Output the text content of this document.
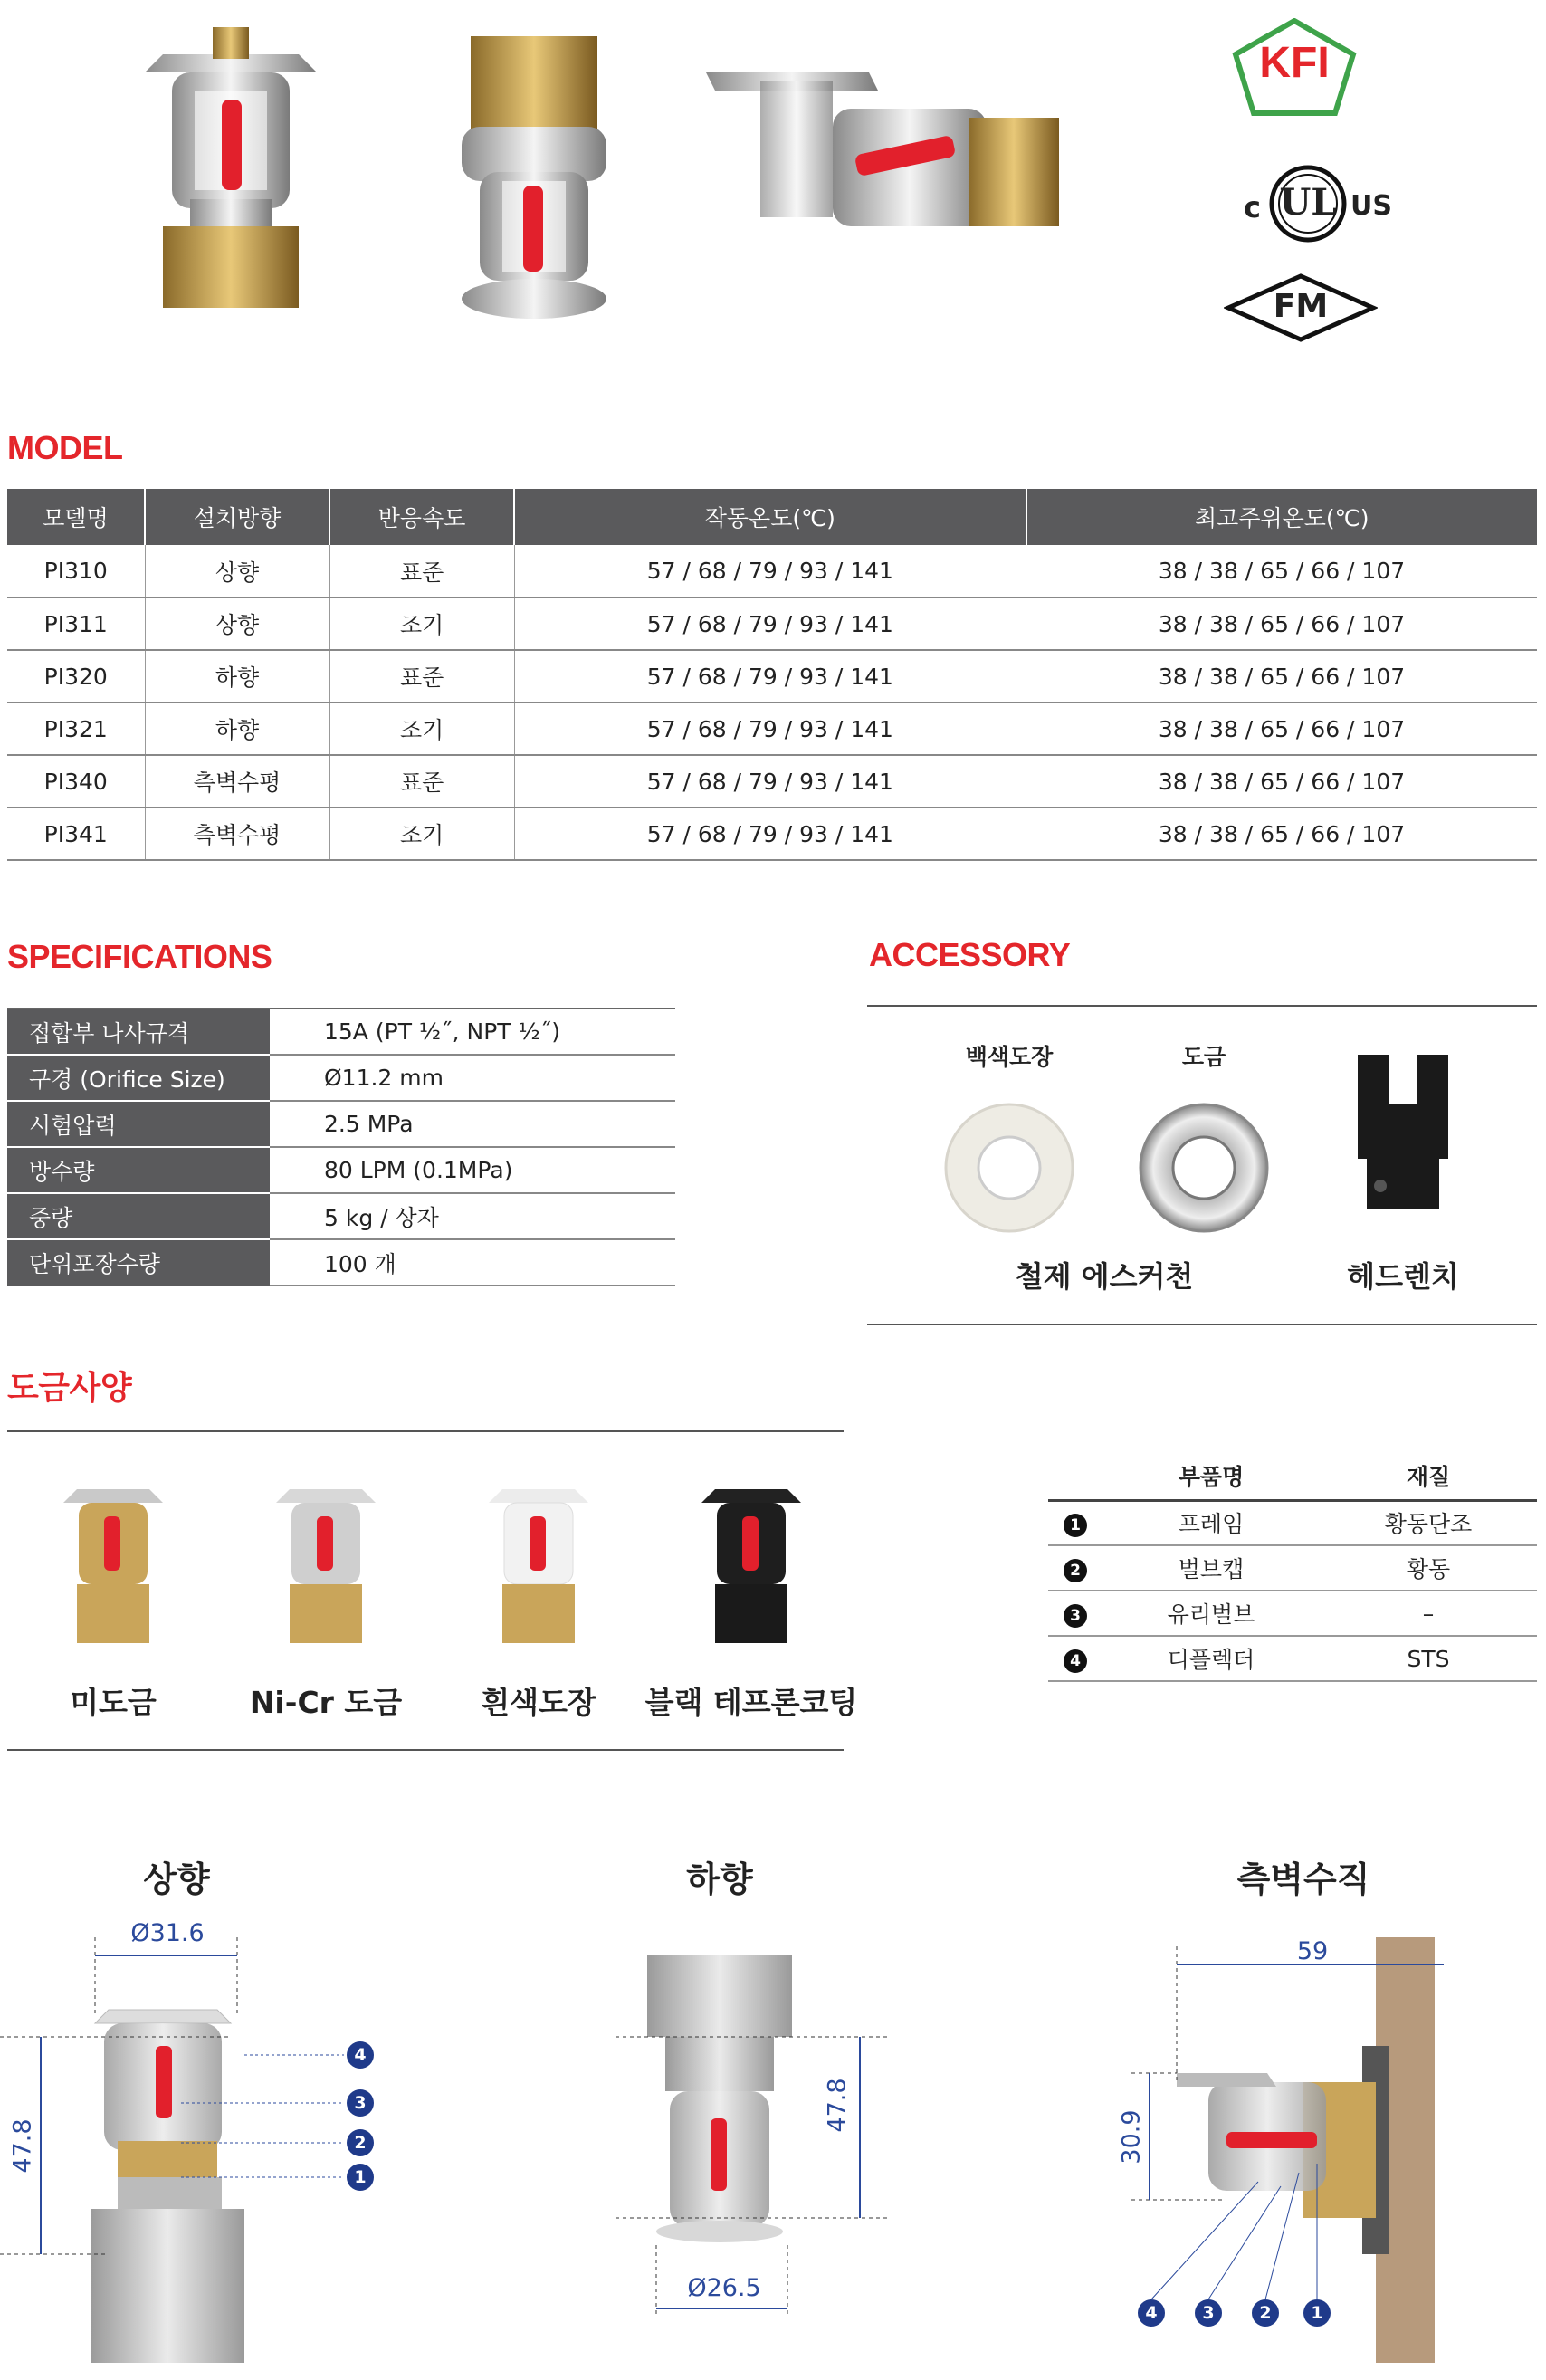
KFI
c UL US
FM
MODEL
모델명	설치방향	반응속도	작동온도(℃)	최고주위온도(℃)
PI310	상향	표준	57 / 68 / 79 / 93 / 141	38 / 38 / 65 / 66 / 107
PI311	상향	조기	57 / 68 / 79 / 93 / 141	38 / 38 / 65 / 66 / 107
PI320	하향	표준	57 / 68 / 79 / 93 / 141	38 / 38 / 65 / 66 / 107
PI321	하향	조기	57 / 68 / 79 / 93 / 141	38 / 38 / 65 / 66 / 107
PI340	측벽수평	표준	57 / 68 / 79 / 93 / 141	38 / 38 / 65 / 66 / 107
PI341	측벽수평	조기	57 / 68 / 79 / 93 / 141	38 / 38 / 65 / 66 / 107
SPECIFICATIONS
접합부 나사규격	15A (PT ½˝, NPT ½˝)
구경 (Orifice Size)	Ø11.2 mm
시험압력	2.5 MPa
방수량	80 LPM (0.1MPa)
중량	5 kg / 상자
단위포장수량	100 개
ACCESSORY
백색도장	도금
철제 에스커천	헤드렌치
도금사양
미도금	Ni-Cr 도금	흰색도장	블랙 테프론코팅
	부품명	재질
1	프레임	황동단조
2	벌브캡	황동
3	유리벌브	–
4	디플렉터	STS
상향
Ø31.6
47.8
4
3
2
1
하향
47.8
Ø26.5
측벽수직
59
30.9
4	3	2	1
